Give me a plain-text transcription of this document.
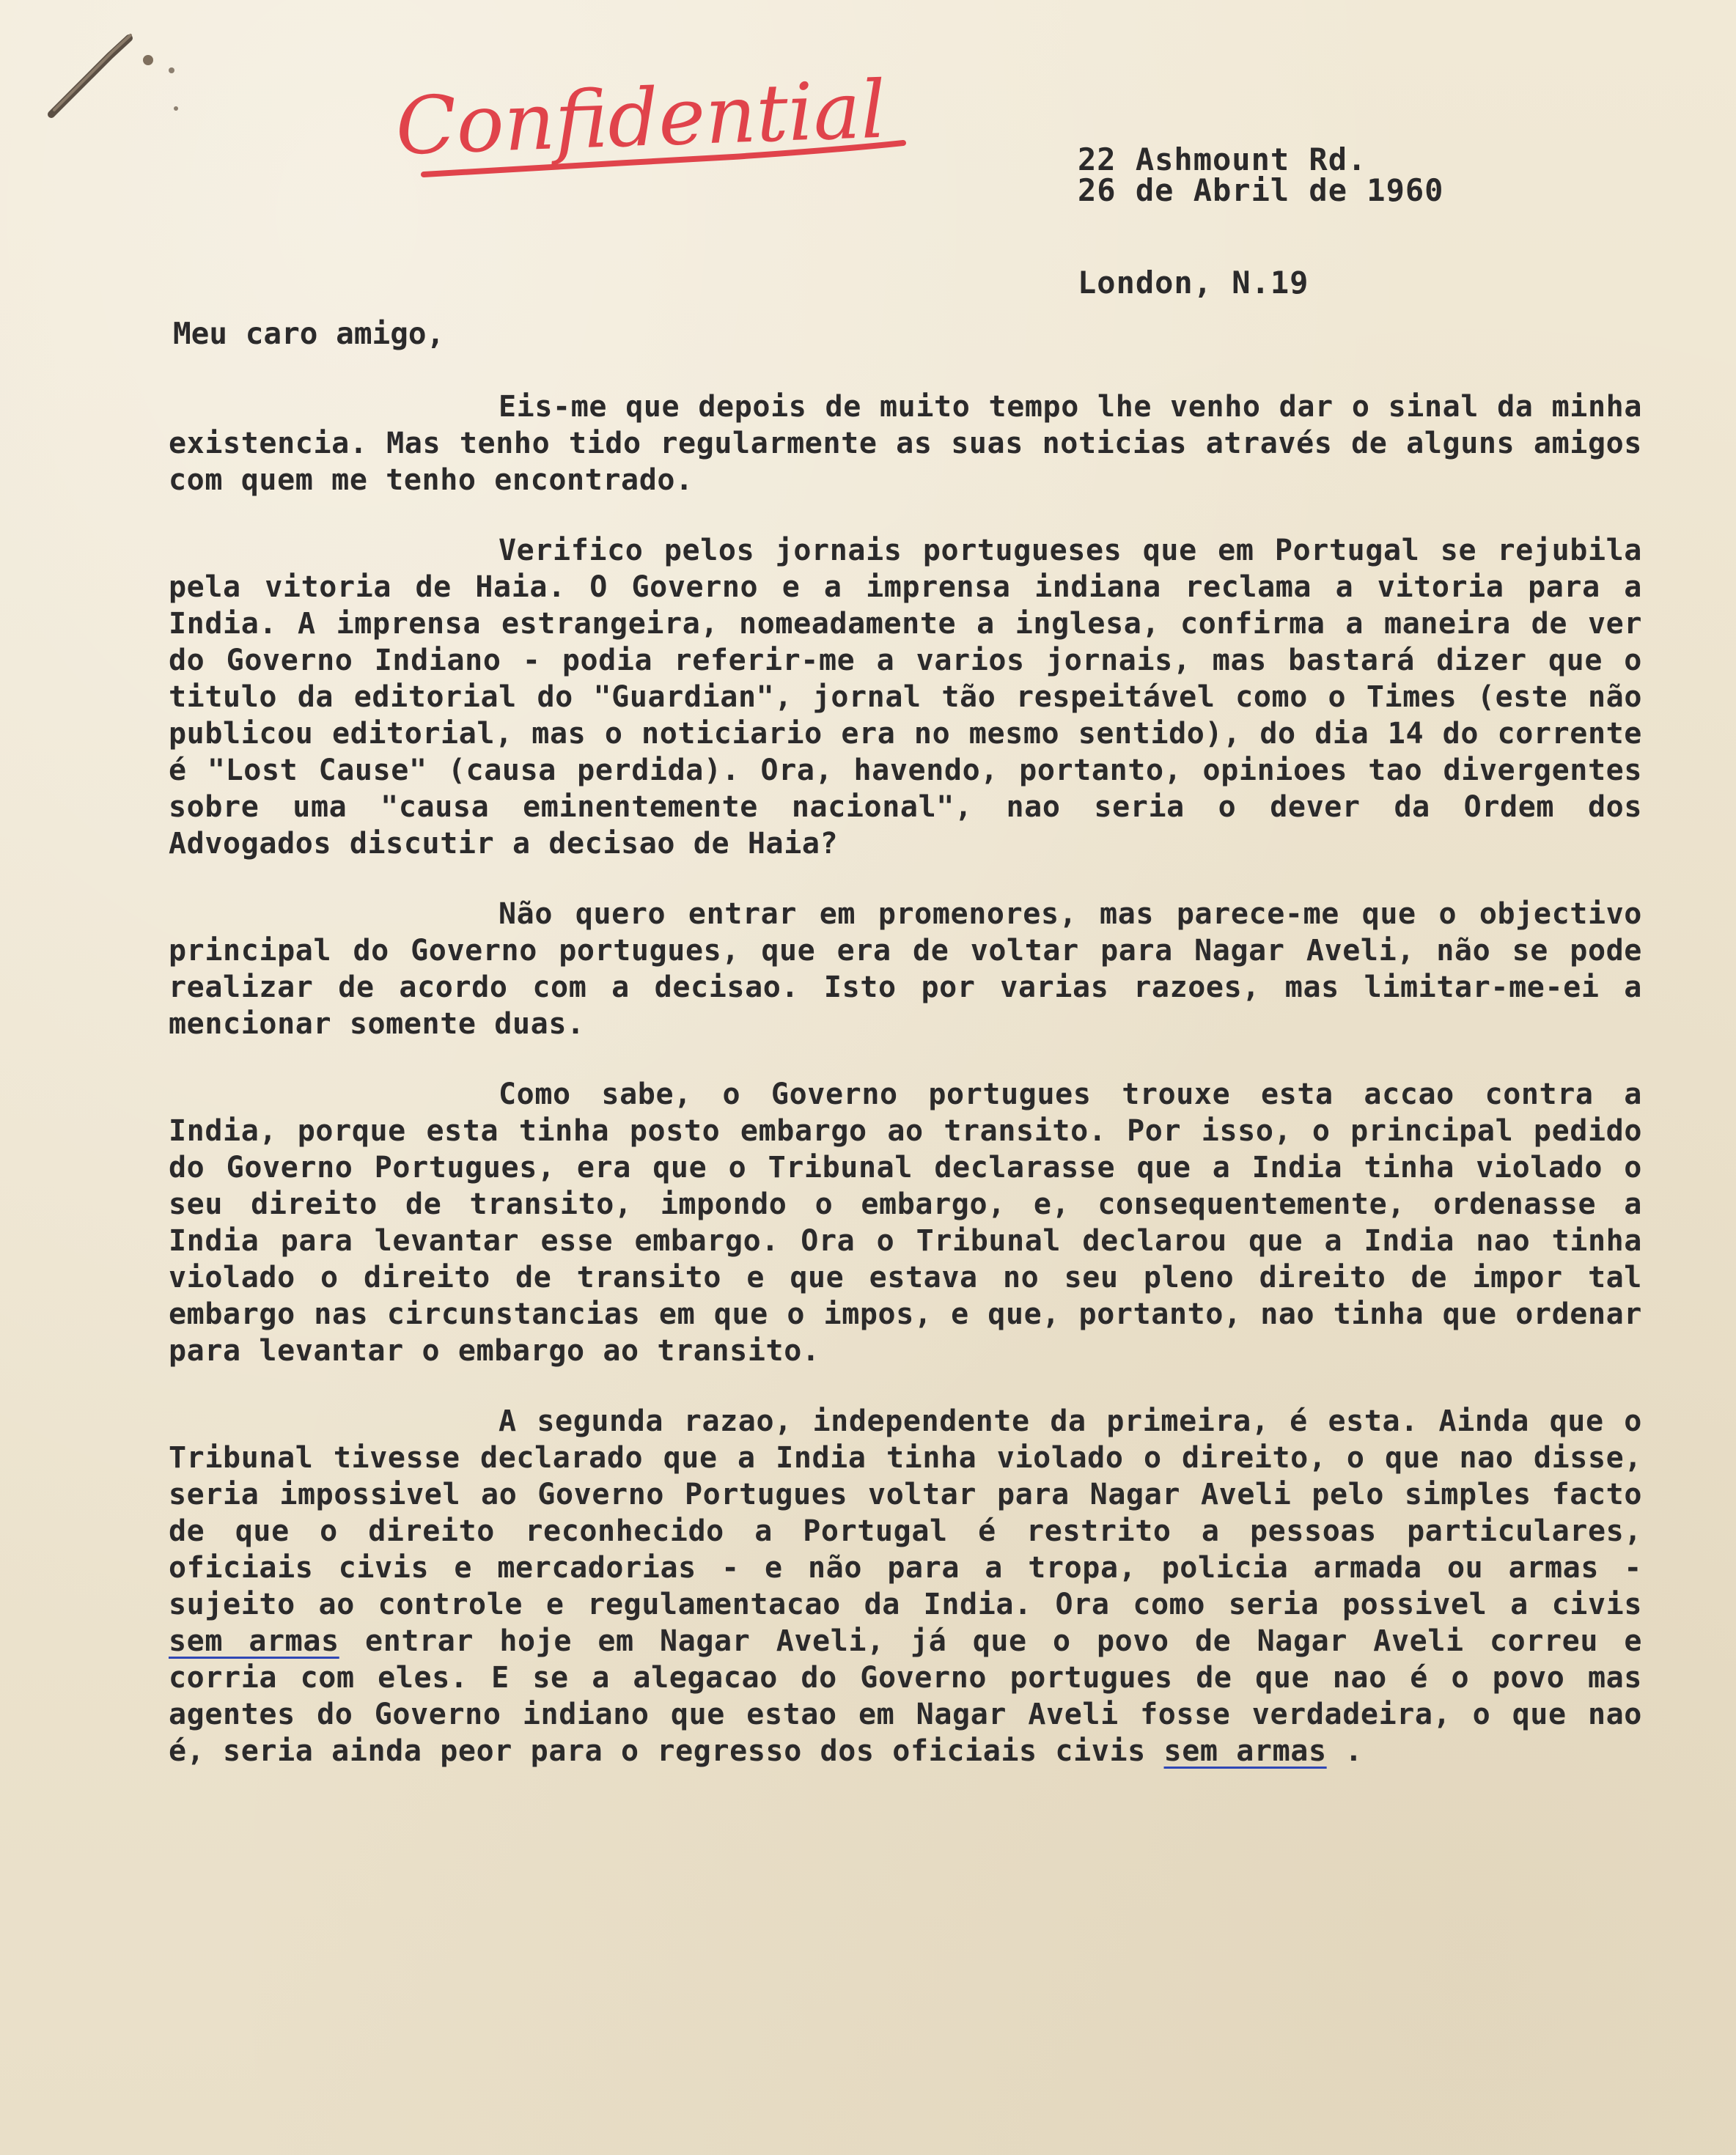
Confidential

	22 Ashmount Rd.

London, N.19

26 de Abril de 1960
Meu caro amigo,

Eis-me que depois de muito tempo lhe venho dar o sinal da minha existencia. Mas tenho tido regularmente as suas noticias através de alguns amigos com quem me tenho encontrado.

Verifico pelos jornais portugueses que em Portugal se rejubila pela vitoria de Haia. O Governo e a imprensa indiana reclama a vitoria para a India. A imprensa estrangeira, nomeadamente a inglesa, confirma a maneira de ver do Governo Indiano - podia referir-me a varios jornais, mas bastará dizer que o titulo da editorial do "Guardian", jornal tão respeitável como o Times (este não publicou editorial, mas o noticiario era no mesmo sentido), do dia 14 do corrente é "Lost Cause" (causa perdida). Ora, havendo, portanto, opinioes tao divergentes sobre uma "causa eminentemente nacional", nao seria o dever da Ordem dos Advogados discutir a decisao de Haia?

Não quero entrar em promenores, mas parece-me que o objectivo principal do Governo portugues, que era de voltar para Nagar Aveli, não se pode realizar de acordo com a decisao. Isto por varias razoes, mas limitar-me-ei a mencionar somente duas.

Como sabe, o Governo portugues trouxe esta accao contra a India, porque esta tinha posto embargo ao transito. Por isso, o principal pedido do Governo Portugues, era que o Tribunal declarasse que a India tinha violado o seu direito de transito, impondo o embargo, e, consequentemente, ordenasse a India para levantar esse embargo. Ora o Tribunal declarou que a India nao tinha violado o direito de transito e que estava no seu pleno direito de impor tal embargo nas circunstancias em que o impos, e que, portanto, nao tinha que ordenar para levantar o embargo ao transito.

A segunda razao, independente da primeira, é esta. Ainda que o Tribunal tivesse declarado que a India tinha violado o direito, o que nao disse, seria impossivel ao Governo Portugues voltar para Nagar Aveli pelo simples facto de que o direito reconhecido a Portugal é restrito a pessoas particulares, oficiais civis e mercadorias - e não para a tropa, policia armada ou armas - sujeito ao controle e regulamentacao da India. Ora como seria possivel a civis sem armas entrar hoje em Nagar Aveli, já que o povo de Nagar Aveli correu e corria com eles. E se a alegacao do Governo portugues de que nao é o povo mas agentes do Governo indiano que estao em Nagar Aveli fosse verdadeira, o que nao é, seria ainda peor para o regresso dos oficiais civis sem armas .
